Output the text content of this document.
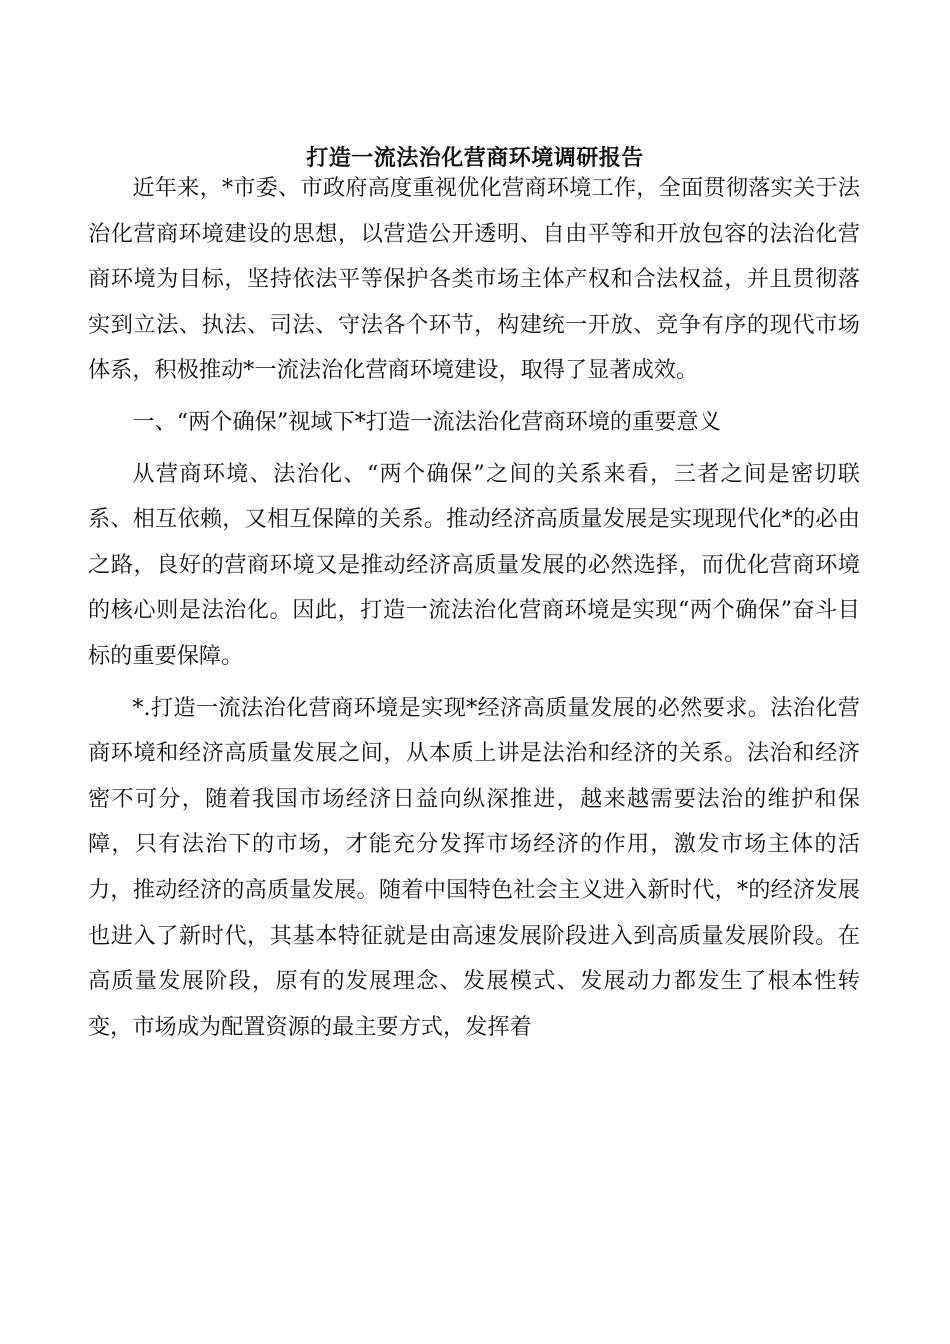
打造一流法治化营商环境调研报告

近年来，*市委、市政府高度重视优化营商环境工作，全面贯彻落实关于法治化营商环境建设的思想，以营造公开透明、自由平等和开放包容的法治化营商环境为目标，坚持依法平等保护各类市场主体产权和合法权益，并且贯彻落实到立法、执法、司法、守法各个环节，构建统一开放、竞争有序的现代市场体系，积极推动*一流法治化营商环境建设，取得了显著成效。

一、“两个确保”视域下*打造一流法治化营商环境的重要意义

从营商环境、法治化、“两个确保”之间的关系来看，三者之间是密切联系、相互依赖，又相互保障的关系。推动经济高质量发展是实现现代化*的必由之路，良好的营商环境又是推动经济高质量发展的必然选择，而优化营商环境的核心则是法治化。因此，打造一流法治化营商环境是实现“两个确保”奋斗目标的重要保障。

*.打造一流法治化营商环境是实现*经济高质量发展的必然要求。法治化营商环境和经济高质量发展之间，从本质上讲是法治和经济的关系。法治和经济密不可分，随着我国市场经济日益向纵深推进，越来越需要法治的维护和保障，只有法治下的市场，才能充分发挥市场经济的作用，激发市场主体的活力，推动经济的高质量发展。随着中国特色社会主义进入新时代，*的经济发展也进入了新时代，其基本特征就是由高速发展阶段进入到高质量发展阶段。在高质量发展阶段，原有的发展理念、发展模式、发展动力都发生了根本性转变，市场成为配置资源的最主要方式，发挥着
